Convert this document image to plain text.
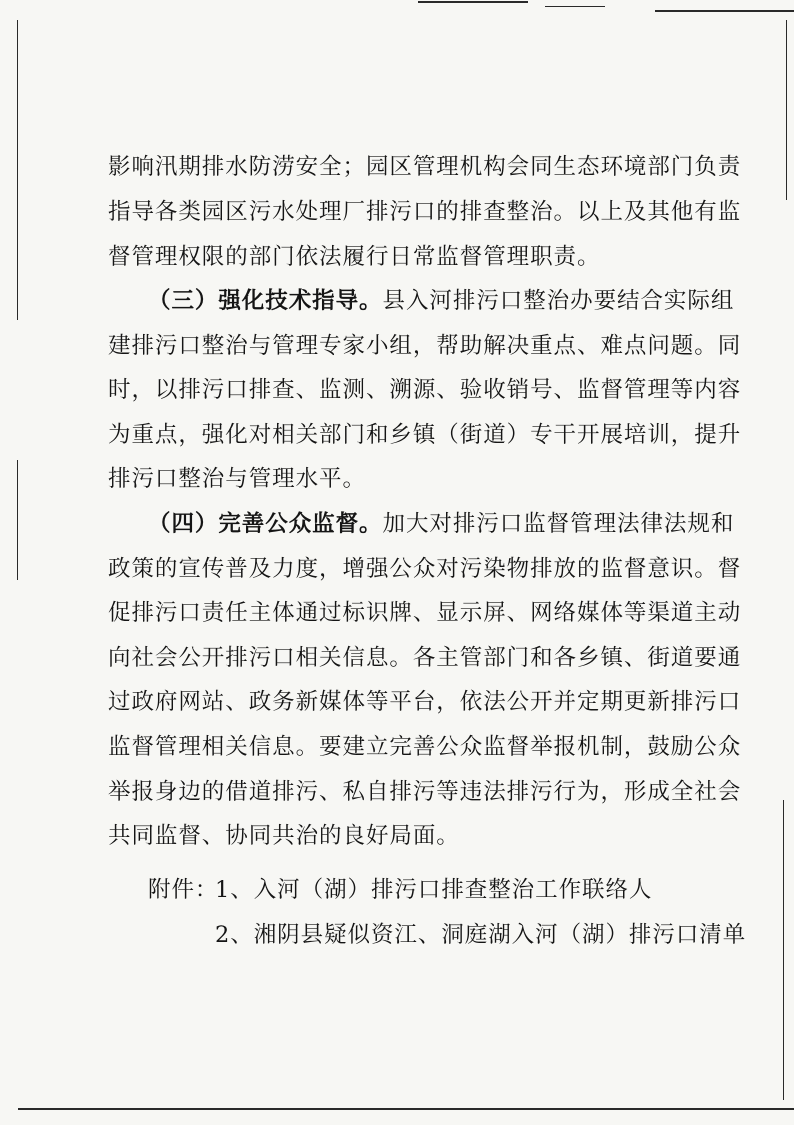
影响汛期排水防涝安全；园区管理机构会同生态环境部门负责
指导各类园区污水处理厂排污口的排查整治。以上及其他有监
督管理权限的部门依法履行日常监督管理职责。
（三）强化技术指导。县入河排污口整治办要结合实际组
建排污口整治与管理专家小组，帮助解决重点、难点问题。同
时，以排污口排查、监测、溯源、验收销号、监督管理等内容
为重点，强化对相关部门和乡镇（街道）专干开展培训，提升
排污口整治与管理水平。
（四）完善公众监督。加大对排污口监督管理法律法规和
政策的宣传普及力度，增强公众对污染物排放的监督意识。督
促排污口责任主体通过标识牌、显示屏、网络媒体等渠道主动
向社会公开排污口相关信息。各主管部门和各乡镇、街道要通
过政府网站、政务新媒体等平台，依法公开并定期更新排污口
监督管理相关信息。要建立完善公众监督举报机制，鼓励公众
举报身边的借道排污、私自排污等违法排污行为，形成全社会
共同监督、协同共治的良好局面。
附件：
1、入河（湖）排污口排查整治工作联络人
2、湘阴县疑似资江、洞庭湖入河（湖）排污口清单
